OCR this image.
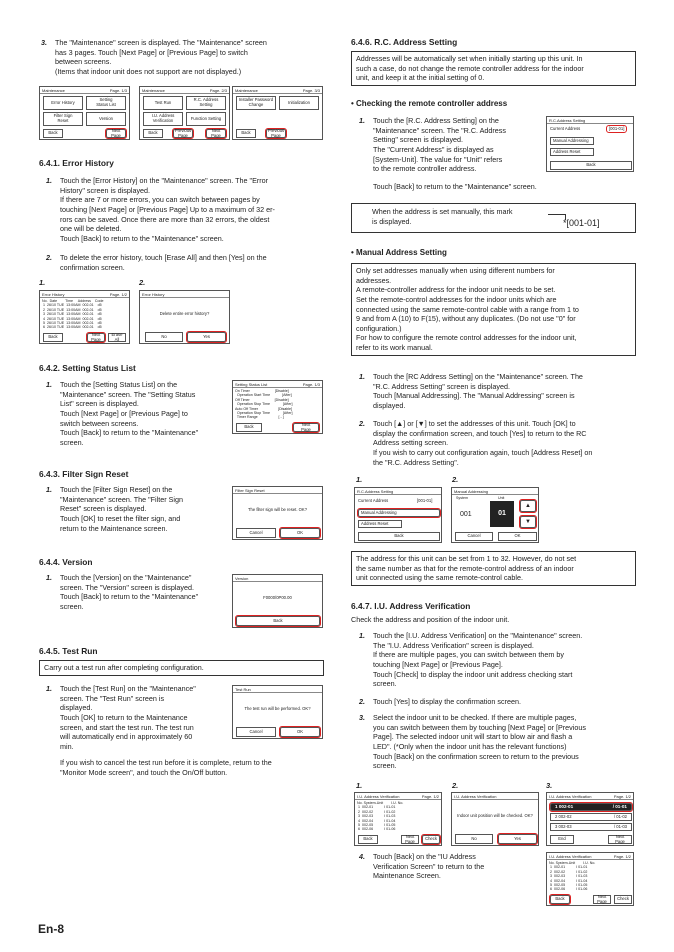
3. The "Maintenance" screen is displayed. The "Maintenance" screen
has 3 pages. Touch [Next Page] or [Previous Page] to switch
between screens.
(Items that indoor unit does not support are not displayed.)

Maintenance	Page. 1/3
Error History	Setting
Status List
Filter Sign
Reset	Version
Back	Next
Page
Maintenance	Page. 2/3
Test Run	R.C. Address
Setting
I.U. Address
Verification	Function Setting
Back	Previous
Page
Next
Page
Maintenance	Page. 3/3
Installer Password
Change	Initialization
Back	Previous
Page
6.4.1. Error History
1. Touch the [Error History] on the "Maintenance" screen. The "Error
History" screen is displayed.
If there are 7 or more errors, you can switch between pages by
touching [Next Page] or [Previous Page] Up to a maximum of 32 er-
rors can be saved. Once there are more than 32 errors, the oldest
one will be deleted.
Touch [Back] to return to the "Maintenance" screen.

2. To delete the error history, touch [Erase All] and then [Yes] on the
confirmation screen.

1.	2.
Error History	Page. 1/2
No.  Date        Time     Address    Code
1  26/10 TUE  13:00AM  002-01    d5
2  26/10 TUE  13:00AM  002-01    d5
3  26/10 TUE  13:00AM  002-01    d5
4  26/10 TUE  13:00AM  002-01    d5
5  26/10 TUE  13:00AM  002-01    d5
6  26/10 TUE  13:00AM  002-01    d5
Back	Next
Page
Erase
All
Error History
Delete entire error history?
No	Yes
6.4.2. Setting Status List
1. Touch the [Setting Status List] on the
"Maintenance" screen. The "Setting Status
List" screen is displayed.
Touch [Next Page] or [Previous Page] to
switch between screens.
Touch [Back] to return to the "Maintenance"
screen.

Setting Status List	Page. 1/3
On Timer                         [Disable]
Operation Start Time            [After]
Off Timer                         [Disable]
Operation Stop Time             [After]
Auto Off Timer                    [Disable]
Operation Stop Time             [After]
Timer Range                     [ - ]
Back	Next
Page
6.4.3. Filter Sign Reset
1. Touch the [Filter Sign Reset] on the
"Maintenance" screen. The "Filter Sign
Reset" screen is displayed.
Touch [OK] to reset the filter sign, and
return to the Maintenance screen.

Filter Sign Reset
The filter sign will be reset. OK?
Cancel	OK
6.4.4. Version
1. Touch the [Version] on the "Maintenance"
screen. The "Version" screen is displayed.
Touch [Back] to return to the "Maintenance"
screen.

Version
F0000/0P00.00
Back
6.4.5. Test Run
Carry out a test run after completing configuration.
1. Touch the [Test Run] on the "Maintenance"
screen. The "Test Run" screen is
displayed.
Touch [OK] to return to the Maintenance
screen, and start the test run. The test run
will automatically end in approximately 60
min.

If you wish to cancel the test run before it is complete, return to the
"Monitor Mode screen", and touch the On/Off button.

Test Run
The test run will be performed. OK?
Cancel	OK
En-8
6.4.6. R.C. Address Setting
Addresses will be automatically set when initially starting up this unit. In
such a case, do not change the remote controller address for the indoor
unit, and keep it at the initial setting of 0.
• Checking the remote controller address
1. Touch the [R.C. Address Setting] on the
"Maintenance" screen. The "R.C. Address
Setting" screen is displayed.
The "Current Address" is displayed as
[System-Unit]. The value for "Unit" refers
to the remote controller address.

Touch [Back] to return to the "Maintenance" screen.

R.C.Address Setting
Current Address	[001-01]
Manual Addressing
Address Reset
Back

When the address is set manually, this mark
is displayed.	*[001-01]

• Manual Address Setting
Only set addresses manually when using different numbers for
addresses.
A remote-controller address for the indoor unit needs to be set.
Set the remote-control addresses for the indoor units which are
connected using the same remote-control cable with a range from 1 to
9 and from A (10) to F(15), without any duplicates. (Do not use "0" for
configuration.)
For how to configure the remote control addresses for the indoor unit,
refer to its work manual.
1. Touch the [RC Address Setting] on the "Maintenance" screen. The
"R.C. Address Setting" screen is displayed.
Touch [Manual Addressing]. The "Manual Addressing" screen is
displayed.

2. Touch [▲] or [▼] to set the addresses of this unit. Touch [OK] to
display the confirmation screen, and touch [Yes] to return to the RC
Address setting screen.
If you wish to carry out configuration again, touch [Address Reset] on
the "R.C. Address Setting".

1.	2.
R.C.Address Setting
Current Address	[001-01]
Manual Addressing
Address Reset
Back
Manual Addressing
System	Unit
001	01
▲
▼
Cancel	OK
The address for this unit can be set from 1 to 32. However, do not set
the same number as that for the remote-control address of an indoor
unit connected using the same remote-control cable.
6.4.7. I.U. Address Verification
Check the address and position of the indoor unit.
1. Touch the [I.U. Address Verification] on the "Maintenance" screen.
The "I.U. Address Verification" screen is displayed.
If there are multiple pages, you can switch between them by
touching [Next Page] or [Previous Page].
Touch [Check] to display the indoor unit address checking start
screen.

2. Touch [Yes] to display the confirmation screen.

3. Select the indoor unit to be checked. If there are multiple pages,
you can switch between them by touching [Next Page] or [Previous
Page]. The selected indoor unit will start to blow air and flash a
LED". (*Only when the indoor unit has the relevant functions)
Touch [Back] on the confirmation screen to return to the previous
screen.

1.	2.	3.
I.U. Address Verification	Page. 1/2
No. System-Unit        I.U. No.
1  002-01           I 01-01
2  002-02           I 01-02
3  002-03           I 01-03
4  002-04           I 01-04
5  002-05           I 01-05
6  002-06           I 01-06
Back	Next
Page	Check
I.U. Address Verification
Indoor unit position will be checked. OK?
No	Yes
I.U. Address Verification	Page. 1/2
1 002-01	/ 01-01
2 002-02	/ 01-02
3 002-03	/ 01-03
End	Next
Page
4. Touch [Back] on the "IU Address
Verification Screen" to return to the
Maintenance Screen.

I.U. Address Verification	Page. 1/2
No. System-Unit        I.U. No.
1  002-01           I 01-01
2  002-02           I 01-02
3  002-03           I 01-03
4  002-04           I 01-04
5  002-05           I 01-05
6  002-06           I 01-06
Back	Next
Page	Check
